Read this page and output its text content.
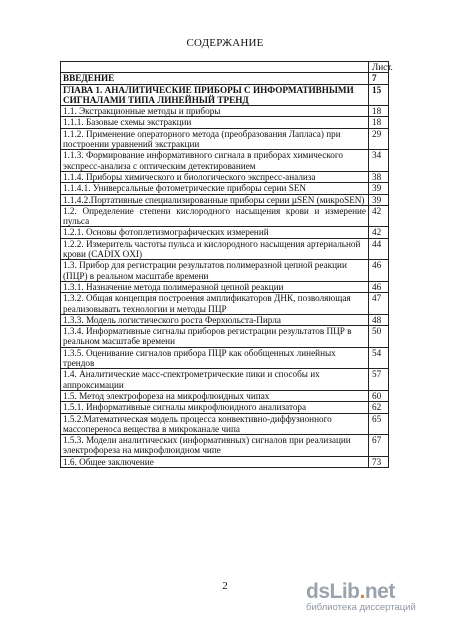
СОДЕРЖАНИЕ
	Лист.
ВВЕДЕНИЕ	7
ГЛАВА 1. АНАЛИТИЧЕСКИЕ ПРИБОРЫ С ИНФОРМАТИВНЫМИ СИГНАЛАМИ ТИПА ЛИНЕЙНЫЙ ТРЕНД	15
1.1. Экстракционные методы и приборы	18
1.1.1. Базовые схемы экстракции	18
1.1.2. Применение операторного метода (преобразования Лапласа) при построении уравнений экстракции	29
1.1.3. Формирование информативного сигнала в приборах химического экспресс-анализа с оптическим детектированием	34
1.1.4. Приборы химического и биологического экспресс-анализа	38
1.1.4.1. Универсальные фотометрические приборы серии SEN	39
1.1.4.2.Портативные специализированные приборы серии µSEN (микроSEN)	39
1.2. Определение степени кислородного насыщения крови и измерение пульса	42
1.2.1. Основы фотоплетизмографических измерений	42
1.2.2. Измеритель частоты пульса и кислородного насыщения артериальной крови (CADIX OXI)	44
1.3. Прибор для регистрации результатов полимеразной цепной реакции (ПЦР) в реальном масштабе времени	46
1.3.1. Назначение метода полимеразной цепной реакции	46
1.3.2. Общая концепция построения амплификаторов ДНК, позволяющая реализовывать технологии и методы ПЦР	47
1.3.3. Модель логистического роста Ферхюльста-Пирла	48
1.3.4. Информативные сигналы приборов регистрации результатов ПЦР в реальном масштабе времени	50
1.3.5. Оценивание сигналов прибора ПЦР как обобщенных линейных трендов	54
1.4. Аналитические масс-спектрометрические пики и способы их аппроксимации	57
1.5. Метод электрофореза на микрофлюидных чипах	60
1.5.1. Информативные сигналы микрофлюидного анализатора	62
1.5.2.Математическая модель процесса конвективно-диффузионного массопереноса вещества в микроканале чипа	65
1.5.3. Модели аналитических (информативных) сигналов при реализации электрофореза на микрофлюидном чипе	67
1.6. Общее заключение	73
2	dsLib.net
библиотека диссертаций
